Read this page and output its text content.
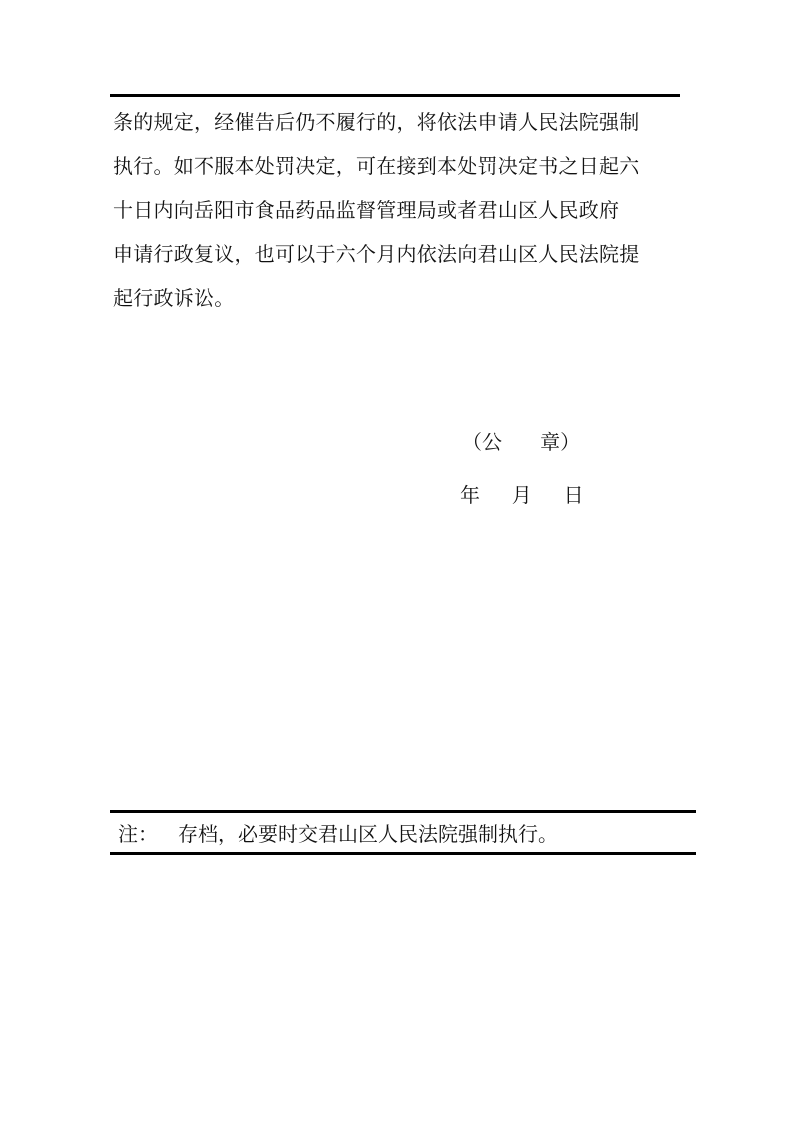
条的规定，经催告后仍不履行的，将依法申请人民法院强制
执行。如不服本处罚决定，可在接到本处罚决定书之日起六
十日内向岳阳市食品药品监督管理局或者君山区人民政府
申请行政复议，也可以于六个月内依法向君山区人民法院提
起行政诉讼。
（公      章）
年     月     日
注： 存档，必要时交君山区人民法院强制执行。
